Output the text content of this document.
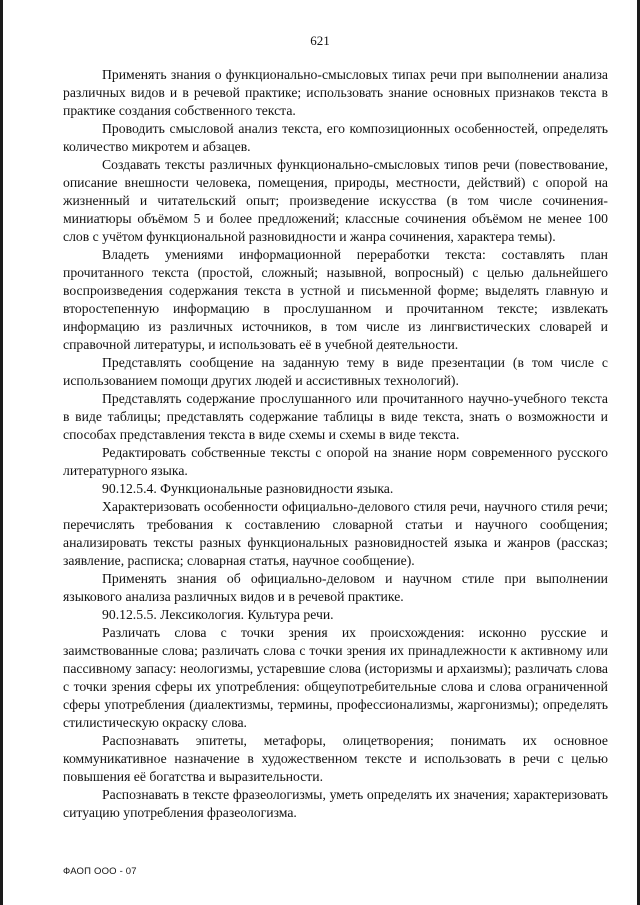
621

Применять знания о функционально-смысловых типах речи при выполнении анализа различных видов и в речевой практике; использовать знание основных признаков текста в практике создания собственного текста.

Проводить смысловой анализ текста, его композиционных особенностей, определять количество микротем и абзацев.

Создавать тексты различных функционально-смысловых типов речи (повествование, описание внешности человека, помещения, природы, местности, действий) с опорой на жизненный и читательский опыт; произведение искусства (в том числе сочинения-миниатюры объёмом 5 и более предложений; классные сочинения объёмом не менее 100 слов с учётом функциональной разновидности и жанра сочинения, характера темы).

Владеть умениями информационной переработки текста: составлять план прочитанного текста (простой, сложный; назывной, вопросный) с целью дальнейшего воспроизведения содержания текста в устной и письменной форме; выделять главную и второстепенную информацию в прослушанном и прочитанном тексте; извлекать информацию из различных источников, в том числе из лингвистических словарей и справочной литературы, и использовать её в учебной деятельности.

Представлять сообщение на заданную тему в виде презентации (в том числе с использованием помощи других людей и ассистивных технологий).

Представлять содержание прослушанного или прочитанного научно-учебного текста в виде таблицы; представлять содержание таблицы в виде текста, знать о возможности и способах представления текста в виде схемы и схемы в виде текста.

Редактировать собственные тексты с опорой на знание норм современного русского литературного языка.

90.12.5.4. Функциональные разновидности языка.

Характеризовать особенности официально-делового стиля речи, научного стиля речи; перечислять требования к составлению словарной статьи и научного сообщения; анализировать тексты разных функциональных разновидностей языка и жанров (рассказ; заявление, расписка; словарная статья, научное сообщение).

Применять знания об официально-деловом и научном стиле при выполнении языкового анализа различных видов и в речевой практике.

90.12.5.5. Лексикология. Культура речи.

Различать слова с точки зрения их происхождения: исконно русские и заимствованные слова; различать слова с точки зрения их принадлежности к активному или пассивному запасу: неологизмы, устаревшие слова (историзмы и архаизмы); различать слова с точки зрения сферы их употребления: общеупотребительные слова и слова ограниченной сферы употребления (диалектизмы, термины, профессионализмы, жаргонизмы); определять стилистическую окраску слова.

Распознавать эпитеты, метафоры, олицетворения; понимать их основное коммуникативное назначение в художественном тексте и использовать в речи с целью повышения её богатства и выразительности.

Распознавать в тексте фразеологизмы, уметь определять их значения; характеризовать ситуацию употребления фразеологизма.

ФАОП ООО - 07
